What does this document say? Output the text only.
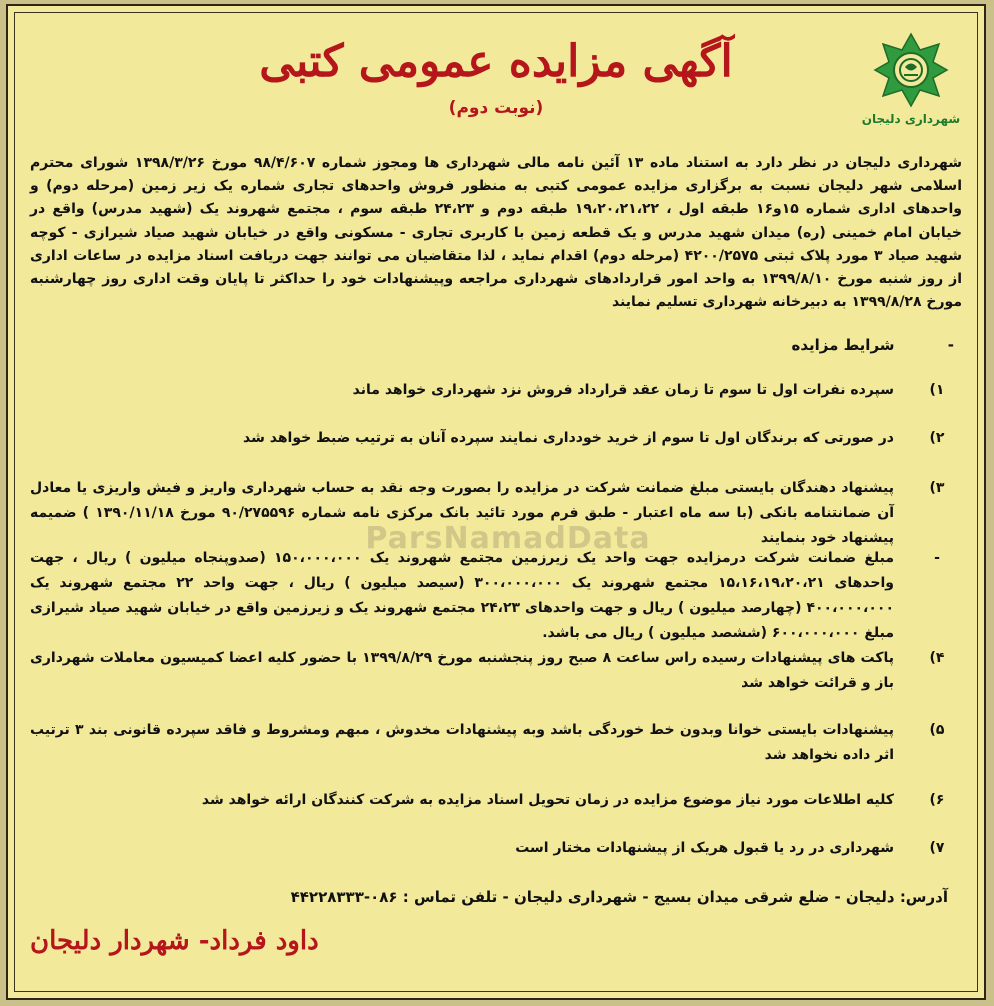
شهرداری دلیجان
آگهی مزایده عمومی کتبی
(نوبت دوم)
شهرداری دلیجان در نظر دارد به استناد ماده ۱۳ آئین نامه مالی شهرداری ها ومجوز شماره ۹۸/۴/۶۰۷ مورخ ۱۳۹۸/۳/۲۶ شورای محترم اسلامی شهر دلیجان نسبت به برگزاری مزایده عمومی کتبی به منظور فروش واحدهای تجاری شماره یک زیر زمین (مرحله دوم) و واحدهای اداری شماره ۱۵و۱۶ طبقه اول ، ۱۹،۲۰،۲۱،۲۲ طبقه دوم و ۲۴،۲۳ طبقه سوم ، مجتمع شهروند یک (شهید مدرس) واقع در خیابان امام خمینی (ره) میدان شهید مدرس و یک قطعه زمین با کاربری تجاری - مسکونی واقع در خیابان شهید صیاد شیرازی - کوچه شهید صیاد ۳ مورد پلاک ثبتی ۴۲۰۰/۲۵۷۵ (مرحله دوم) اقدام نماید ، لذا متقاضیان می توانند جهت دریافت اسناد مزایده در ساعات اداری از روز شنبه مورخ ۱۳۹۹/۸/۱۰ به واحد امور قراردادهای شهرداری مراجعه وپیشنهادات خود را حداکثر تا پایان وقت اداری روز چهارشنبه مورخ ۱۳۹۹/۸/۲۸ به دبیرخانه شهرداری تسلیم نمایند
- شرایط مزایده
ParsNamadData
۱)
سپرده نفرات اول تا سوم تا زمان عقد قرارداد فروش نزد شهرداری خواهد ماند
۲)
در صورتی که برندگان اول تا سوم از خرید خودداری نمایند سپرده آنان به ترتیب ضبط خواهد شد
۳)
پیشنهاد دهندگان بایستی مبلغ ضمانت شرکت در مزایده را بصورت وجه نقد به حساب شهرداری واریز و فیش واریزی یا معادل آن ضمانتنامه بانکی (با سه ماه اعتبار - طبق فرم مورد تائید بانک مرکزی نامه شماره ۹۰/۲۷۵۵۹۶ مورخ ۱۳۹۰/۱۱/۱۸ ) ضمیمه پیشنهاد خود بنمایند
-
مبلغ ضمانت شرکت درمزایده جهت واحد یک زیرزمین مجتمع شهروند یک ۱۵۰،۰۰۰،۰۰۰ (صدوپنجاه میلیون ) ریال ، جهت واحدهای ۱۵،۱۶،۱۹،۲۰،۲۱ مجتمع شهروند یک ۳۰۰،۰۰۰،۰۰۰ (سیصد میلیون ) ریال ، جهت واحد ۲۲ مجتمع شهروند یک ۴۰۰،۰۰۰،۰۰۰ (چهارصد میلیون ) ریال و جهت واحدهای ۲۴،۲۳ مجتمع شهروند یک و زیرزمین واقع در خیابان شهید صیاد شیرازی مبلغ ۶۰۰،۰۰۰،۰۰۰ (ششصد میلیون ) ریال می باشد.
۴)
پاکت های پیشنهادات رسیده راس ساعت ۸ صبح روز پنجشنبه مورخ ۱۳۹۹/۸/۲۹ با حضور کلیه اعضا کمیسیون معاملات شهرداری باز و قرائت خواهد شد
۵)
پیشنهادات بایستی خوانا وبدون خط خوردگی باشد وبه پیشنهادات مخدوش ، مبهم ومشروط و فاقد سپرده قانونی بند ۳ ترتیب اثر داده نخواهد شد
۶)
کلیه اطلاعات مورد نیاز موضوع مزایده در زمان تحویل اسناد مزایده به شرکت کنندگان ارائه خواهد شد
۷)
شهرداری در رد یا قبول هریک از پیشنهادات مختار است
آدرس: دلیجان - ضلع شرقی میدان بسیج - شهرداری دلیجان - تلفن تماس : ۰۸۶-۴۴۲۲۸۳۳۳
داود فرداد- شهردار دلیجان
